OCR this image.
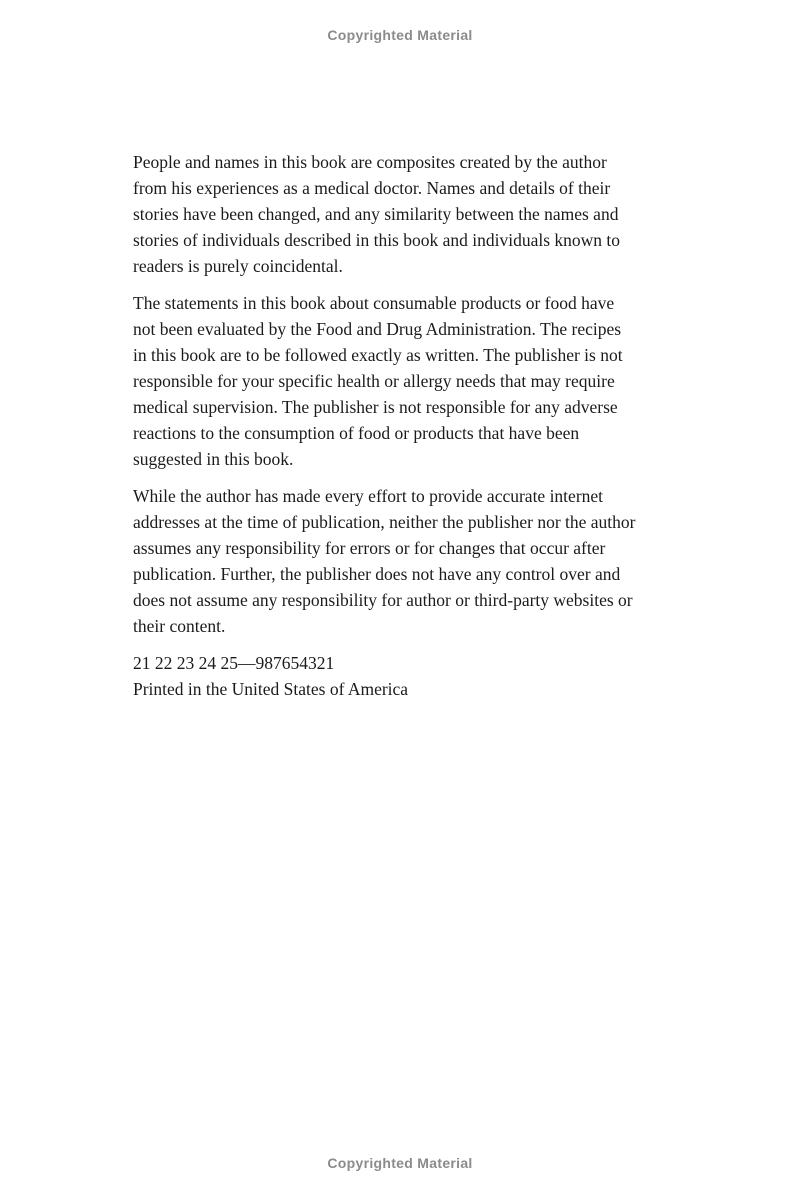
Copyrighted Material

People and names in this book are composites created by the author
from his experiences as a medical doctor. Names and details of their
stories have been changed, and any similarity between the names and
stories of individuals described in this book and individuals known to
readers is purely coincidental.

The statements in this book about consumable products or food have
not been evaluated by the Food and Drug Administration. The recipes
in this book are to be followed exactly as written. The publisher is not
responsible for your specific health or allergy needs that may require
medical supervision. The publisher is not responsible for any adverse
reactions to the consumption of food or products that have been
suggested in this book.

While the author has made every effort to provide accurate internet
addresses at the time of publication, neither the publisher nor the author
assumes any responsibility for errors or for changes that occur after
publication. Further, the publisher does not have any control over and
does not assume any responsibility for author or third-party websites or
their content.

21 22 23 24 25—987654321
Printed in the United States of America

Copyrighted Material
